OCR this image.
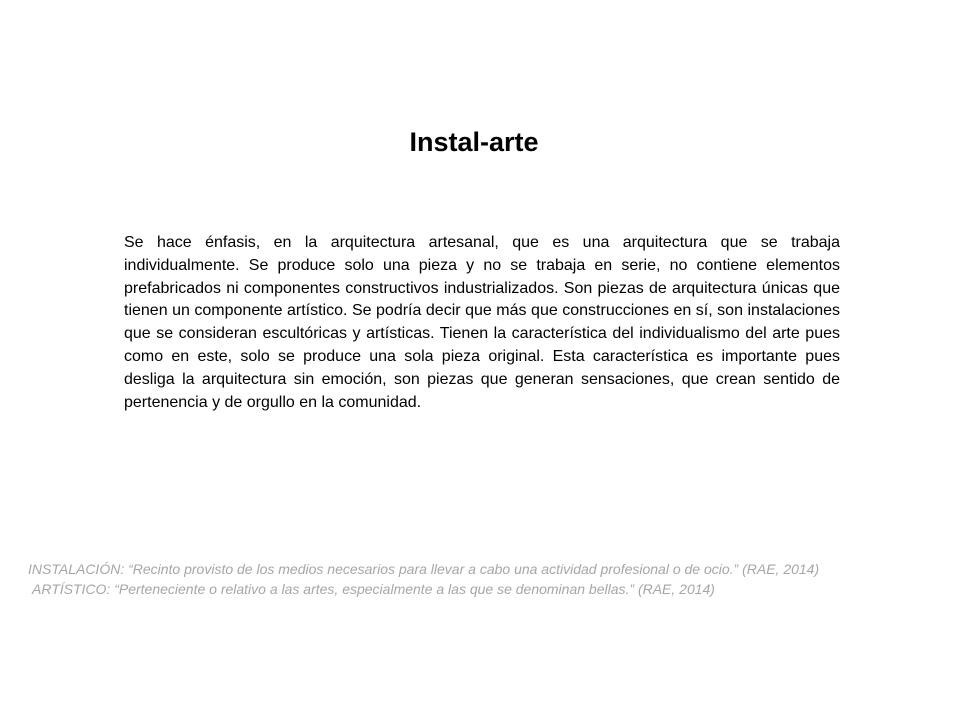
Instal-arte

Se hace énfasis, en la arquitectura artesanal, que es una arquitectura que se trabaja individualmente. Se produce solo una pieza y no se trabaja en serie, no contiene elementos prefabricados ni componentes constructivos industrializados. Son piezas de arquitectura únicas que tienen un componente artístico. Se podría decir que más que construcciones en sí, son instalaciones que se consideran escultóricas y artísticas. Tienen la característica del individualismo del arte pues como en este, solo se produce una sola pieza original. Esta característica es importante pues desliga la arquitectura sin emoción, son piezas que generan sensaciones, que crean sentido de pertenencia y de orgullo en la comunidad.

INSTALACIÓN: “Recinto provisto de los medios necesarios para llevar a cabo una actividad profesional o de ocio.” (RAE, 2014)
ARTÍSTICO: “Perteneciente o relativo a las artes, especialmente a las que se denominan bellas.” (RAE, 2014)
